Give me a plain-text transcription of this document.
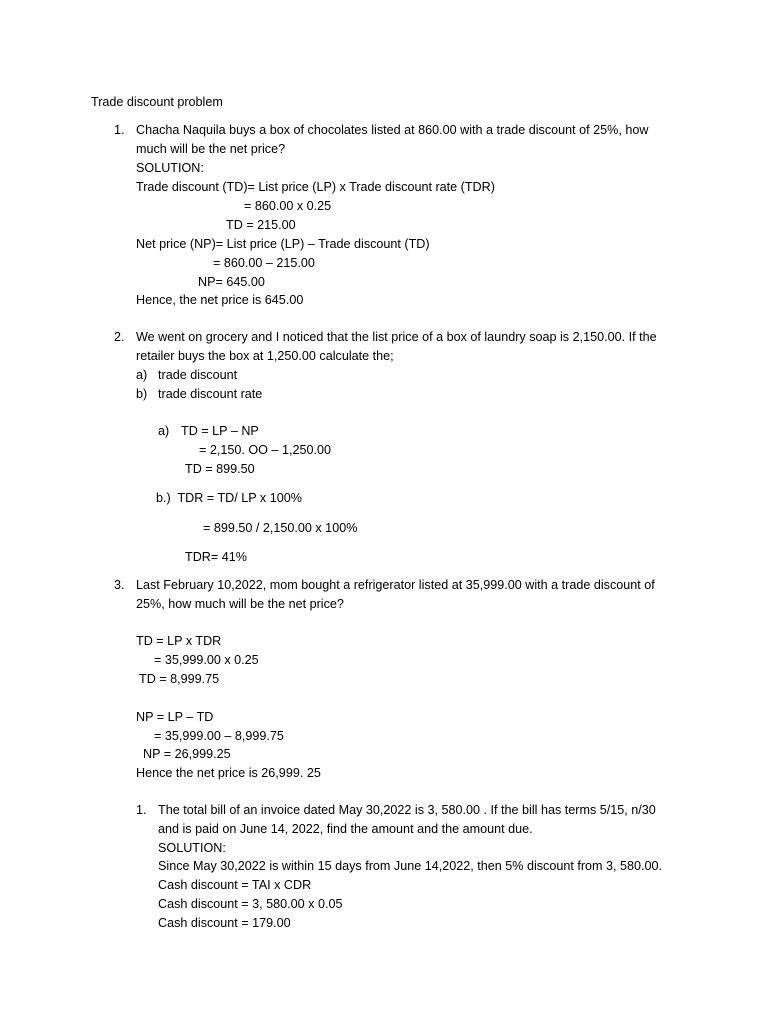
Trade discount problem
1. Chacha Naquila buys a box of chocolates listed at 860.00 with a trade discount of 25%, how
much will be the net price?
SOLUTION:
Trade discount (TD)= List price (LP) x Trade discount rate (TDR)
= 860.00 x 0.25
TD = 215.00
Net price (NP)= List price (LP) – Trade discount (TD)
= 860.00 – 215.00
NP= 645.00
Hence, the net price is 645.00
2. We went on grocery and I noticed that the list price of a box of laundry soap is 2,150.00. If the
retailer buys the box at 1,250.00 calculate the;
a) trade discount
b) trade discount rate
a) TD = LP – NP
= 2,150. OO – 1,250.00
TD = 899.50
b.)  TDR = TD/ LP x 100%
= 899.50 / 2,150.00 x 100%
TDR= 41%
3. Last February 10,2022, mom bought a refrigerator listed at 35,999.00 with a trade discount of
25%, how much will be the net price?
TD = LP x TDR
= 35,999.00 x 0.25
TD = 8,999.75
NP = LP – TD
= 35,999.00 – 8,999.75
NP = 26,999.25
Hence the net price is 26,999. 25
1. The total bill of an invoice dated May 30,2022 is 3, 580.00 . If the bill has terms 5/15, n/30
and is paid on June 14, 2022, find the amount and the amount due.
SOLUTION:
Since May 30,2022 is within 15 days from June 14,2022, then 5% discount from 3, 580.00.
Cash discount = TAI x CDR
Cash discount = 3, 580.00 x 0.05
Cash discount = 179.00
